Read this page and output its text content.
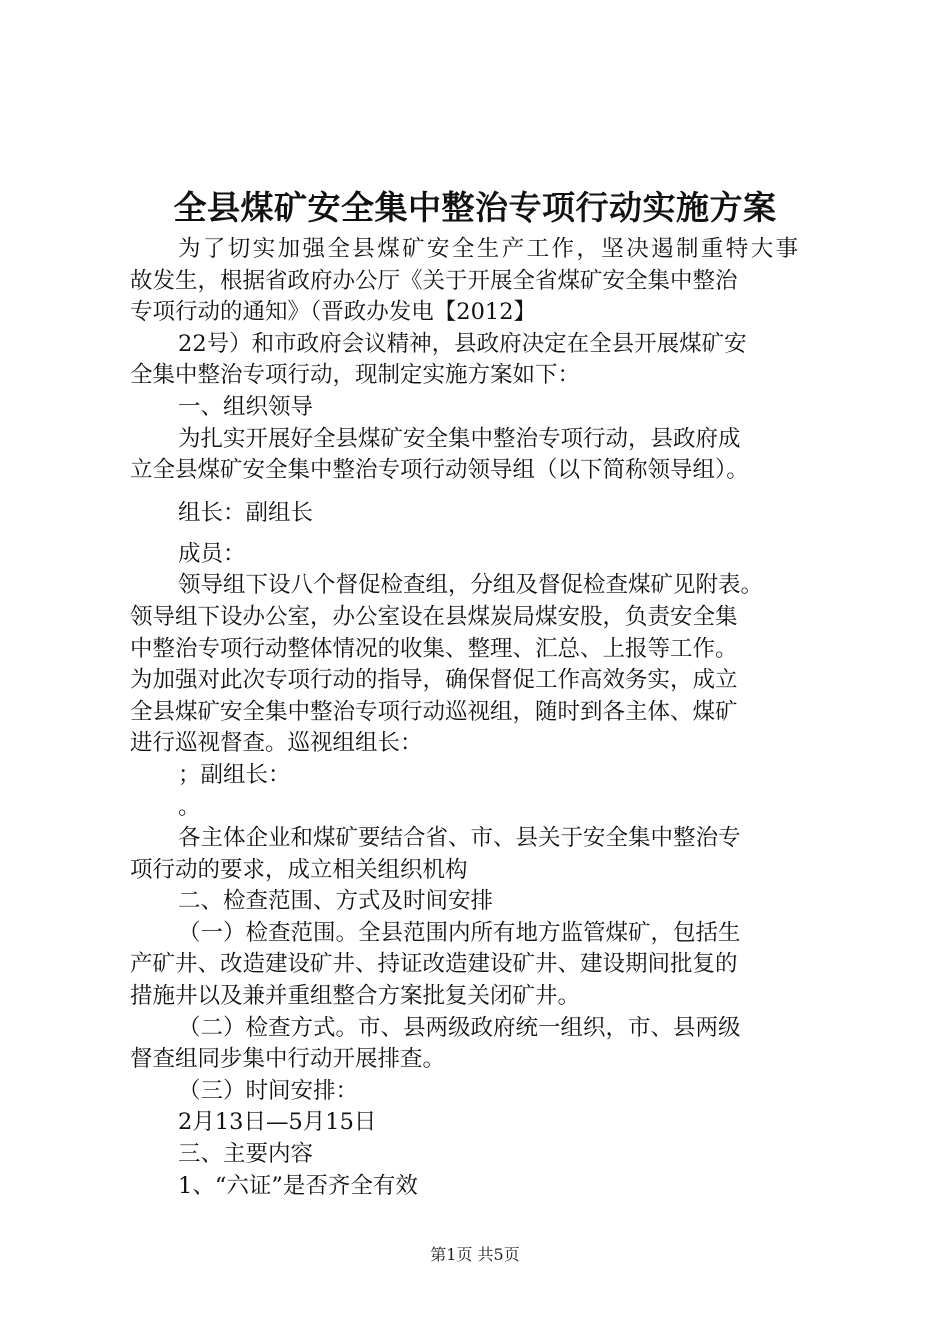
全县煤矿安全集中整治专项行动实施方案
为了切实加强全县煤矿安全生产工作，坚决遏制重特大事
故发生，根据省政府办公厅《关于开展全省煤矿安全集中整治
专项行动的通知》（晋政办发电【2012】
22号）和市政府会议精神，县政府决定在全县开展煤矿安
全集中整治专项行动，现制定实施方案如下：
一、组织领导
为扎实开展好全县煤矿安全集中整治专项行动，县政府成
立全县煤矿安全集中整治专项行动领导组（以下简称领导组）。
组长：副组长
成员：
领导组下设八个督促检查组，分组及督促检查煤矿见附表。
领导组下设办公室，办公室设在县煤炭局煤安股，负责安全集
中整治专项行动整体情况的收集、整理、汇总、上报等工作。
为加强对此次专项行动的指导，确保督促工作高效务实，成立
全县煤矿安全集中整治专项行动巡视组，随时到各主体、煤矿
进行巡视督查。巡视组组长：
；副组长：
。
各主体企业和煤矿要结合省、市、县关于安全集中整治专
项行动的要求，成立相关组织机构
二、检查范围、方式及时间安排
（一）检查范围。全县范围内所有地方监管煤矿，包括生
产矿井、改造建设矿井、持证改造建设矿井、建设期间批复的
措施井以及兼并重组整合方案批复关闭矿井。
（二）检查方式。市、县两级政府统一组织，市、县两级
督查组同步集中行动开展排查。
（三）时间安排：
2月13日—5月15日
三、主要内容
1、“六证”是否齐全有效
第1页 共5页
